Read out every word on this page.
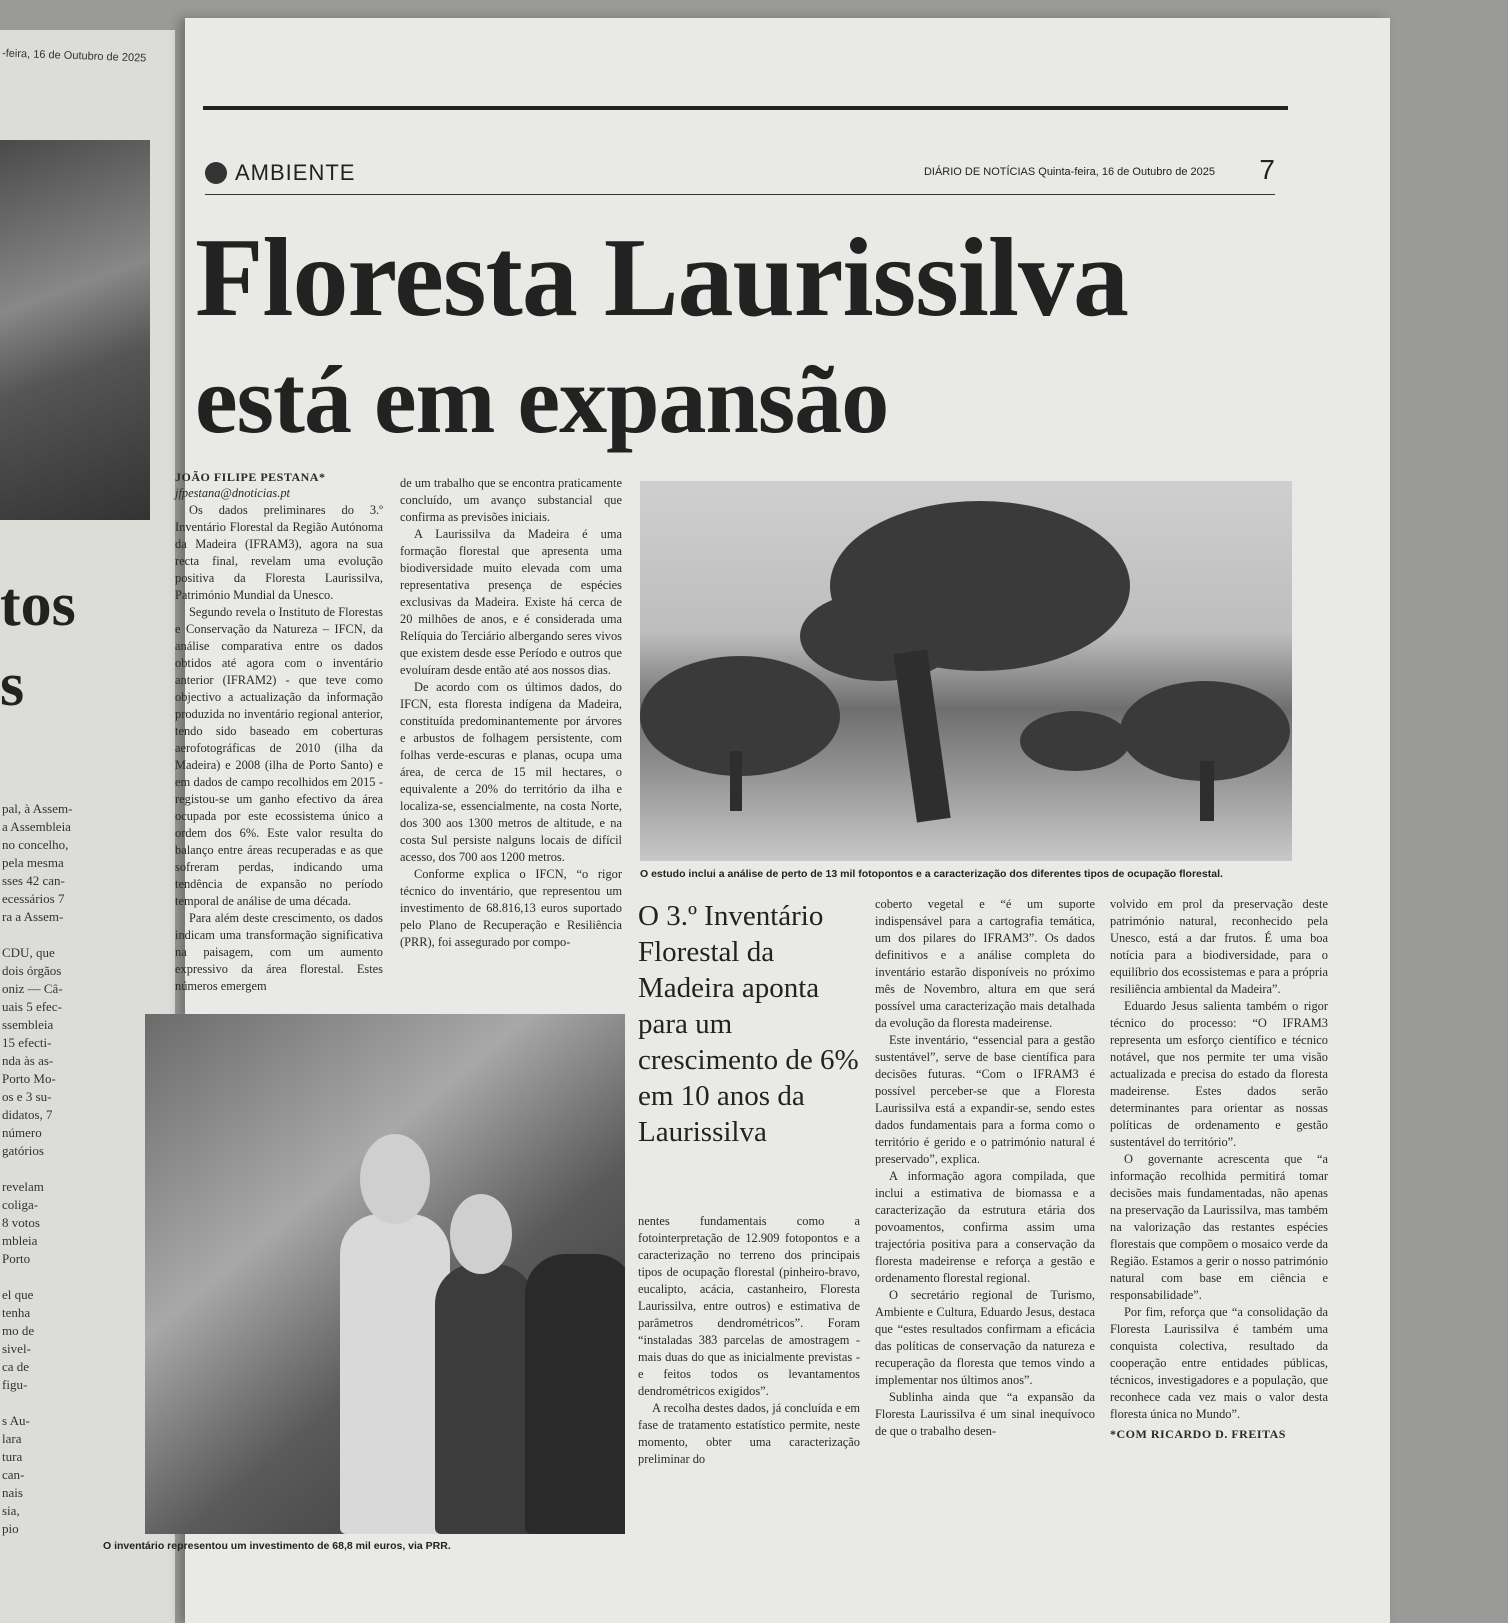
-feira, 16 de Outubro de 2025
tos
s
pal, à Assem-
a Assembleia
no concelho,
pela mesma
sses 42 can-
ecessários 7
ra a Assem-

CDU, que
dois órgãos
oniz — Câ-
uais 5 efec-
ssembleia
15 efecti-
nda às as-
Porto Mo-
os e 3 su-
didatos, 7
número
gatórios

revelam
coliga-
8 votos
mbleia
Porto

el que
tenha
mo de
sivel-
ca de
figu-

s Au-
lara
tura
can-
nais
sia,
pio
AMBIENTE	DIÁRIO DE NOTÍCIAS Quinta-feira, 16 de Outubro de 2025 7
Floresta Laurissilva
está em expansão

JOÃO FILIPE PESTANA*

jfpestana@dnoticias.pt

Os dados preliminares do 3.º Inventário Florestal da Região Autónoma da Madeira (IFRAM3), agora na sua recta final, revelam uma evolução positiva da Floresta Laurissilva, Património Mundial da Unesco.

Segundo revela o Instituto de Florestas e Conservação da Natureza – IFCN, da análise comparativa entre os dados obtidos até agora com o inventário anterior (IFRAM2) - que teve como objectivo a actualização da informação produzida no inventário regional anterior, tendo sido baseado em coberturas aerofotográficas de 2010 (ilha da Madeira) e 2008 (ilha de Porto Santo) e em dados de campo recolhidos em 2015 - registou-se um ganho efectivo da área ocupada por este ecossistema único a ordem dos 6%. Este valor resulta do balanço entre áreas recuperadas e as que sofreram perdas, indicando uma tendência de expansão no período temporal de análise de uma década.

Para além deste crescimento, os dados indicam uma transformação significativa na paisagem, com um aumento expressivo da área florestal. Estes números emergem

de um trabalho que se encontra praticamente concluído, um avanço substancial que confirma as previsões iniciais.

A Laurissilva da Madeira é uma formação florestal que apresenta uma biodiversidade muito elevada com uma representativa presença de espécies exclusivas da Madeira. Existe há cerca de 20 milhões de anos, e é considerada uma Relíquia do Terciário albergando seres vivos que existem desde esse Período e outros que evoluíram desde então até aos nossos dias.

De acordo com os últimos dados, do IFCN, esta floresta indígena da Madeira, constituída predominantemente por árvores e arbustos de folhagem persistente, com folhas verde-escuras e planas, ocupa uma área, de cerca de 15 mil hectares, o equivalente a 20% do território da ilha e localiza-se, essencialmente, na costa Norte, dos 300 aos 1300 metros de altitude, e na costa Sul persiste nalguns locais de difícil acesso, dos 700 aos 1200 metros.

Conforme explica o IFCN, “o rigor técnico do inventário, que representou um investimento de 68.816,13 euros suportado pelo Plano de Recuperação e Resiliência (PRR), foi assegurado por compo-

O estudo inclui a análise de perto de 13 mil fotopontos e a caracterização dos diferentes tipos de ocupação florestal.
O 3.º Inventário Florestal da Madeira aponta para um crescimento de 6% em 10 anos da Laurissilva

nentes fundamentais como a fotointerpretação de 12.909 fotopontos e a caracterização no terreno dos principais tipos de ocupação florestal (pinheiro-bravo, eucalipto, acácia, castanheiro, Floresta Laurissilva, entre outros) e estimativa de parâmetros dendrométricos”. Foram “instaladas 383 parcelas de amostragem - mais duas do que as inicialmente previstas - e feitos todos os levantamentos dendrométricos exigidos”.

A recolha destes dados, já concluída e em fase de tratamento estatístico permite, neste momento, obter uma caracterização preliminar do

coberto vegetal e “é um suporte indispensável para a cartografia temática, um dos pilares do IFRAM3”. Os dados definitivos e a análise completa do inventário estarão disponíveis no próximo mês de Novembro, altura em que será possível uma caracterização mais detalhada da evolução da floresta madeirense.

Este inventário, “essencial para a gestão sustentável”, serve de base científica para decisões futuras. “Com o IFRAM3 é possível perceber-se que a Floresta Laurissilva está a expandir-se, sendo estes dados fundamentais para a forma como o território é gerido e o património natural é preservado”, explica.

A informação agora compilada, que inclui a estimativa de biomassa e a caracterização da estrutura etária dos povoamentos, confirma assim uma trajectória positiva para a conservação da floresta madeirense e reforça a gestão e ordenamento florestal regional.

O secretário regional de Turismo, Ambiente e Cultura, Eduardo Jesus, destaca que “estes resultados confirmam a eficácia das políticas de conservação da natureza e recuperação da floresta que temos vindo a implementar nos últimos anos”.

Sublinha ainda que “a expansão da Floresta Laurissilva é um sinal inequívoco de que o trabalho desen-

volvido em prol da preservação deste património natural, reconhecido pela Unesco, está a dar frutos. É uma boa notícia para a biodiversidade, para o equilíbrio dos ecossistemas e para a própria resiliência ambiental da Madeira”.

Eduardo Jesus salienta também o rigor técnico do processo: “O IFRAM3 representa um esforço científico e técnico notável, que nos permite ter uma visão actualizada e precisa do estado da floresta madeirense. Estes dados serão determinantes para orientar as nossas políticas de ordenamento e gestão sustentável do território”.

O governante acrescenta que “a informação recolhida permitirá tomar decisões mais fundamentadas, não apenas na preservação da Laurissilva, mas também na valorização das restantes espécies florestais que compõem o mosaico verde da Região. Estamos a gerir o nosso património natural com base em ciência e responsabilidade”.

Por fim, reforça que “a consolidação da Floresta Laurissilva é também uma conquista colectiva, resultado da cooperação entre entidades públicas, técnicos, investigadores e a população, que reconhece cada vez mais o valor desta floresta única no Mundo”.

*COM RICARDO D. FREITAS

O inventário representou um investimento de 68,8 mil euros, via PRR.
